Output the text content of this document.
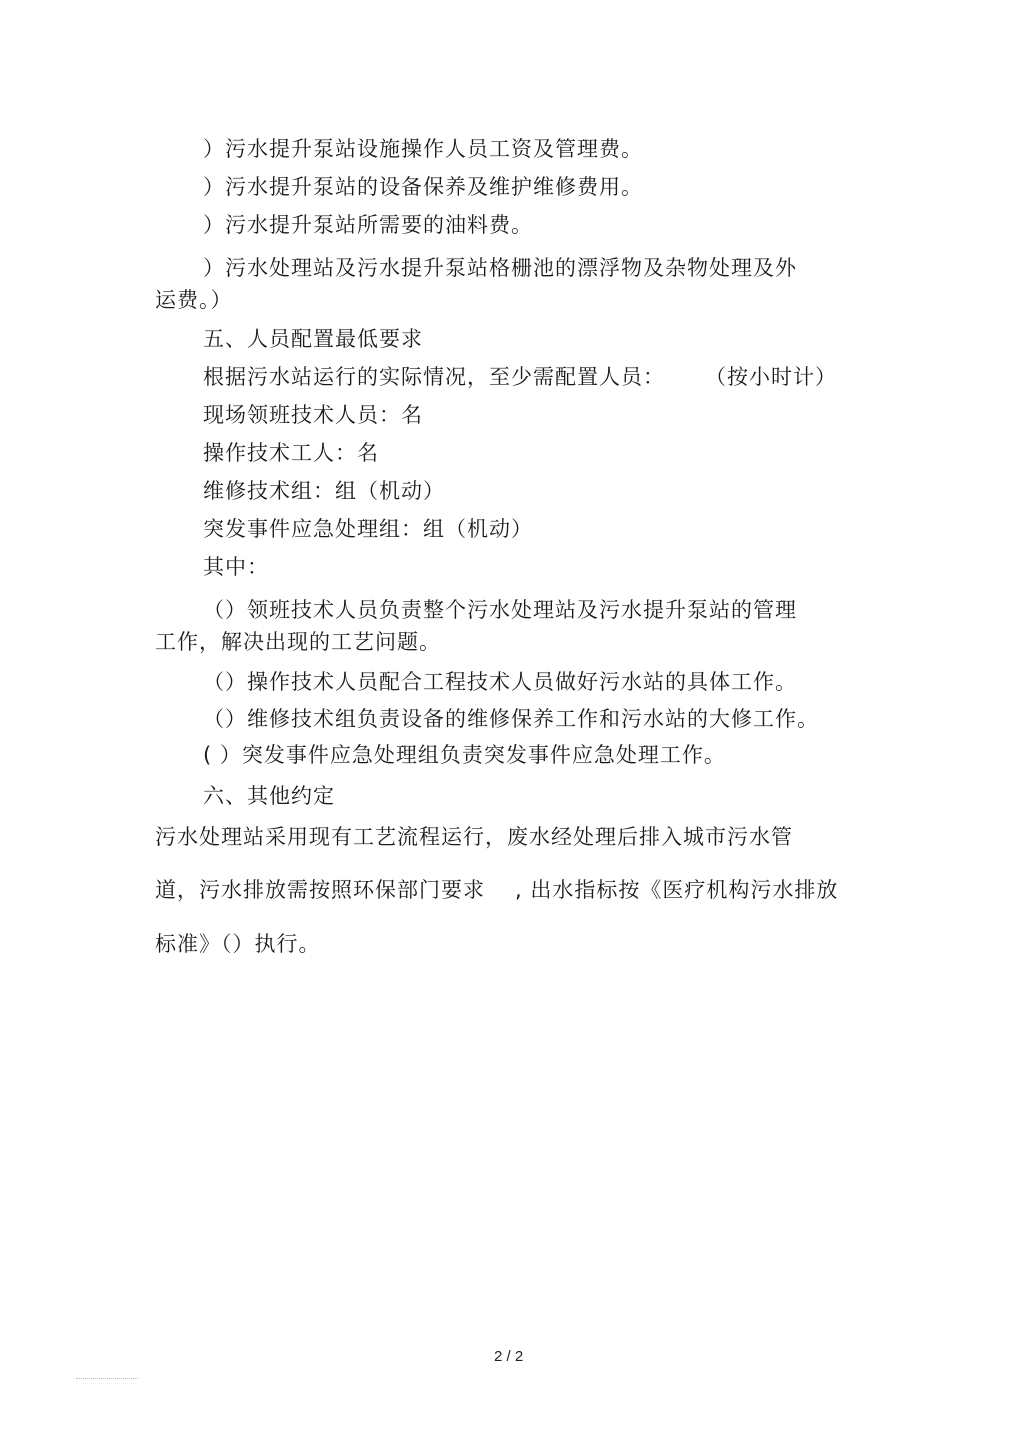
）污水提升泵站设施操作人员工资及管理费。
）污水提升泵站的设备保养及维护维修费用。
）污水提升泵站所需要的油料费。
）污水处理站及污水提升泵站格栅池的漂浮物及杂物处理及外
运费。）
五、人员配置最低要求
根据污水站运行的实际情况，至少需配置人员： （按小时计）
现场领班技术人员：名
操作技术工人：名
维修技术组：组（机动）
突发事件应急处理组：组（机动）
其中：
（）领班技术人员负责整个污水处理站及污水提升泵站的管理
工作，解决出现的工艺问题。
（）操作技术人员配合工程技术人员做好污水站的具体工作。
（）维修技术组负责设备的维修保养工作和污水站的大修工作。
( ）突发事件应急处理组负责突发事件应急处理工作。
六、其他约定
污水处理站采用现有工艺流程运行，废水经处理后排入城市污水管
道，污水排放需按照环保部门要求 , 出水指标按《医疗机构污水排放
标准》（）执行。
2 / 2
